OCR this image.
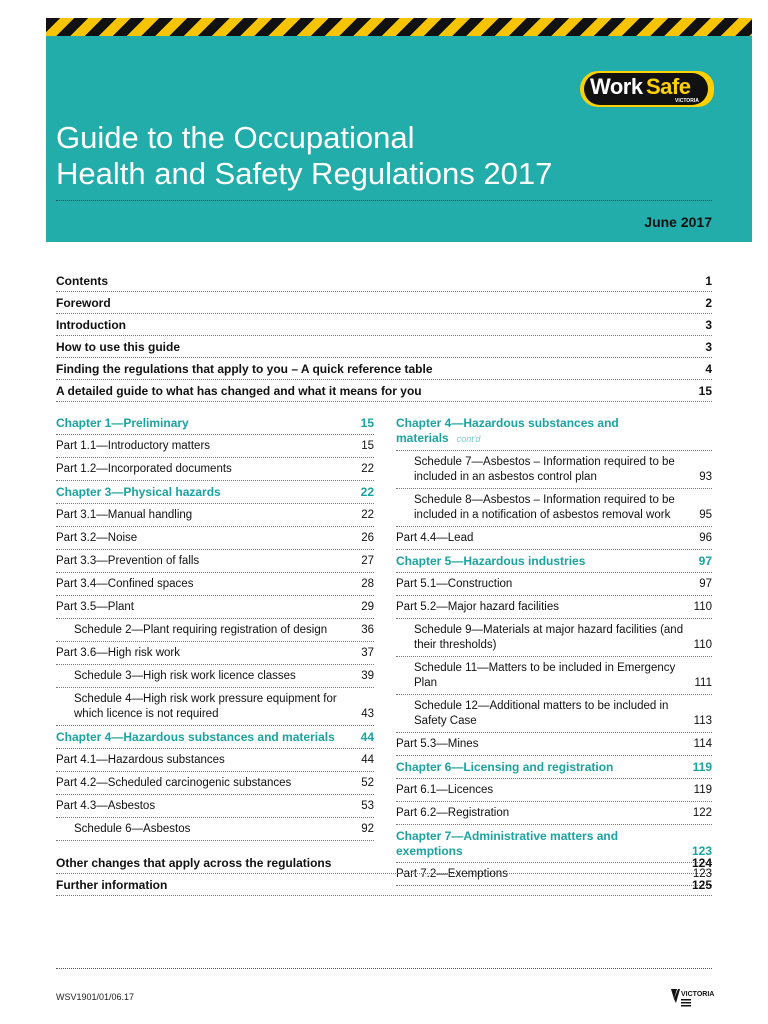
Work Safe
VICTORIA
Guide to the Occupational
Health and Safety Regulations 2017
June 2017
Contents	1
Foreword	2
Introduction	3
How to use this guide	3
Finding the regulations that apply to you – A quick reference table	4
A detailed guide to what has changed and what it means for you	15
Chapter 1—Preliminary	15
Part 1.1—Introductory matters	15
Part 1.2—Incorporated documents	22
Chapter 3—Physical hazards	22
Part 3.1—Manual handling	22
Part 3.2—Noise	26
Part 3.3—Prevention of falls	27
Part 3.4—Confined spaces	28
Part 3.5—Plant	29
Schedule 2—Plant requiring registration of design	36
Part 3.6—High risk work	37
Schedule 3—High risk work licence classes	39
Schedule 4—High risk work pressure equipment for which licence is not required	43
Chapter 4—Hazardous substances and materials	44
Part 4.1—Hazardous substances	44
Part 4.2—Scheduled carcinogenic substances	52
Part 4.3—Asbestos	53
Schedule 6—Asbestos	92
Chapter 4—Hazardous substances and materials cont'd
Schedule 7—Asbestos – Information required to be included in an asbestos control plan	93
Schedule 8—Asbestos – Information required to be included in a notification of asbestos removal work	95
Part 4.4—Lead	96
Chapter 5—Hazardous industries	97
Part 5.1—Construction	97
Part 5.2—Major hazard facilities	110
Schedule 9—Materials at major hazard facilities (and their thresholds)	110
Schedule 11—Matters to be included in Emergency Plan	111
Schedule 12—Additional matters to be included in Safety Case	113
Part 5.3—Mines	114
Chapter 6—Licensing and registration	119
Part 6.1—Licences	119
Part 6.2—Registration	122
Chapter 7—Administrative matters and exemptions	123
Part 7.2—Exemptions	123
Other changes that apply across the regulations	124
Further information	125
WSV1901/01/06.17	VICTORIA
